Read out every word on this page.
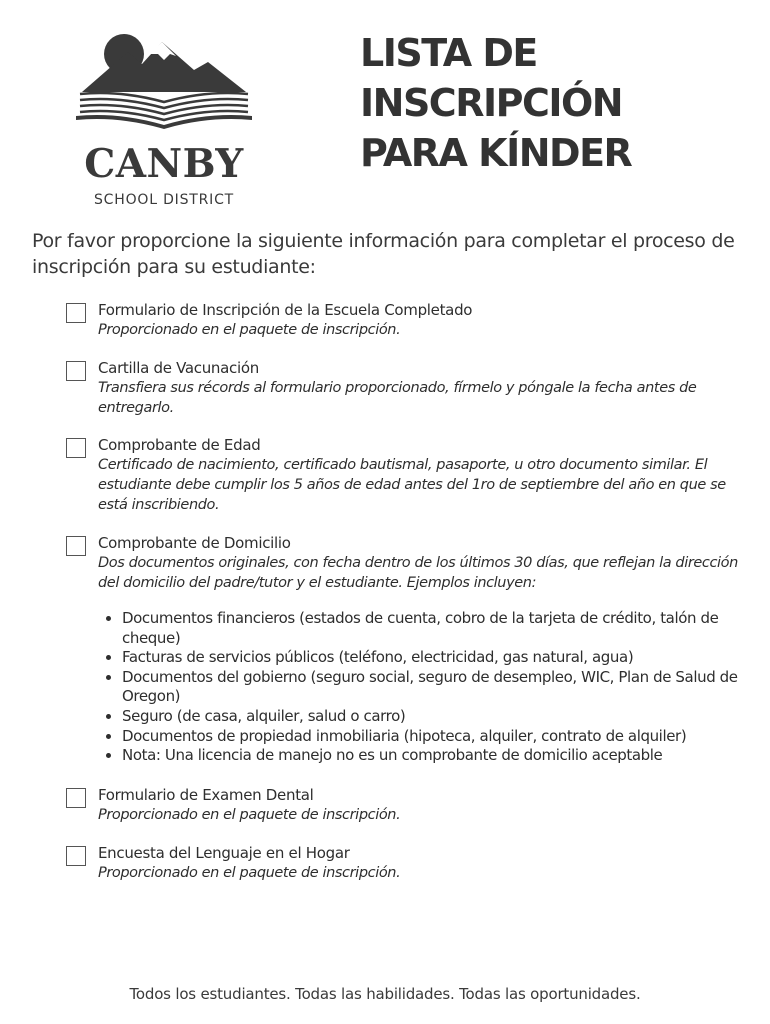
CANBY
SCHOOL DISTRICT
LISTA DE
INSCRIPCIÓN
PARA KÍNDER

Por favor proporcione la siguiente información para completar el proceso de inscripción para su estudiante:

Formulario de Inscripción de la Escuela Completado
Proporcionado en el paquete de inscripción.
Cartilla de Vacunación
Transfiera sus récords al formulario proporcionado, fírmelo y póngale la fecha antes de entregarlo.
Comprobante de Edad
Certificado de nacimiento, certificado bautismal, pasaporte, u otro documento similar. El estudiante debe cumplir los 5 años de edad antes del 1ro de septiembre del año en que se está inscribiendo.
Comprobante de Domicilio
Dos documentos originales, con fecha dentro de los últimos 30 días, que reflejan la dirección del domicilio del padre/tutor y el estudiante. Ejemplos incluyen:
• Documentos financieros (estados de cuenta, cobro de la tarjeta de crédito, talón de cheque)
• Facturas de servicios públicos (teléfono, electricidad, gas natural, agua)
• Documentos del gobierno (seguro social, seguro de desempleo, WIC, Plan de Salud de Oregon)
• Seguro (de casa, alquiler, salud o carro)
• Documentos de propiedad inmobiliaria (hipoteca, alquiler, contrato de alquiler)
• Nota: Una licencia de manejo no es un comprobante de domicilio aceptable
Formulario de Examen Dental
Proporcionado en el paquete de inscripción.
Encuesta del Lenguaje en el Hogar
Proporcionado en el paquete de inscripción.
Todos los estudiantes. Todas las habilidades. Todas las oportunidades.
